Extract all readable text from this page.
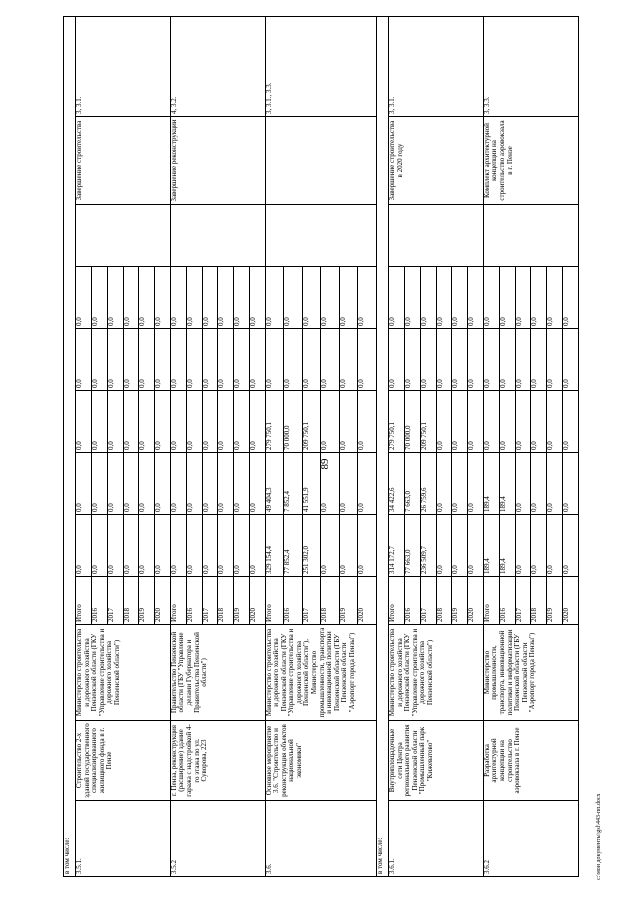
89
c:\мои документы\gsl\443-пп.docx
в том числе:											
3.5.1.	Строительство 2-х зданий государственного специализированного жилищного фонда в г. Пензе	Министерство строительства и дорожного хозяйства Пензенской области (ГКУ "Управление строительства и дорожного хозяйства Пензенской области")	Итого	0,0	0,0	0,0	0,0	0,0		Завершение строительства	3, 3.1.
			2016	0,0	0,0	0,0	0,0	0,0			
			2017	0,0	0,0	0,0	0,0	0,0			
			2018	0,0	0,0	0,0	0,0	0,0			
			2019	0,0	0,0	0,0	0,0	0,0			
			2020	0,0	0,0	0,0	0,0	0,0			
3.5.2	г. Пенза, реконструкция (расширение) здание гаража с надстройкой 4-го этажа по ул. Суворова, 223	Правительство Пензенской области (ГБУ "Управление делами Губернатора и Правительства Пензенской области")	Итого	0,0	0,0	0,0	0,0	0,0		Завершение реконструкции	4, 3.2.
			2016	0,0	0,0	0,0	0,0	0,0			
			2017	0,0	0,0	0,0	0,0	0,0			
			2018	0,0	0,0	0,0	0,0	0,0			
			2019	0,0	0,0	0,0	0,0	0,0			
			2020	0,0	0,0	0,0	0,0	0,0			
3.6.	Основное мероприятие 3.6. "Строительство и реконструкция объектов национальной экономики"	Министерство строительства и дорожного хозяйства Пензенской области (ГКУ "Управление строительства и дорожного хозяйства Пензенской области"), Министерство промышленности, транспорта и инновационной политики Пензенской области (ГБУ Пензенской области "Аэропорт города Пензы")	Итого	329 154,4	49 404,3	279 750,1	0,0	0,0			3, 3.1., 3.3.
			2016	77 852,4	7 852,4	70 000,0	0,0	0,0			
			2017	251 302,0	41 551,9	209 750,1	0,0	0,0			
			2018	0,0	0,0	0,0	0,0	0,0			
			2019	0,0	0,0	0,0	0,0	0,0			
			2020	0,0	0,0	0,0	0,0	0,0			
в том числе:											
3.6.1.	Внутриплощадочные сети Центра регионального развития Пензенской области "Промышленный парк "Кижеватово"	Министерство строительства и дорожного хозяйства Пензенской области (ГКУ "Управление строительства и дорожного хозяйства Пензенской области")	Итого	314 172,7	34 422,6	279 750,1	0,0	0,0		Завершение строительства в 2020 году	3, 3.1.
			2016	77 663,0	7 663,0	70 000,0	0,0	0,0			
			2017	236 509,7	26 759,6	209 750,1	0,0	0,0			
			2018	0,0	0,0	0,0	0,0	0,0			
			2019	0,0	0,0	0,0	0,0	0,0			
			2020	0,0	0,0	0,0	0,0	0,0			
3.6.2	Разработка архитектурной концепции на строительство аэровокзала в г. Пензе	Министерство промышленности, транспорта, инновационной политики и информатизации Пензенской области (ГБУ Пензенской области "Аэропорт города Пензы")	Итого	189,4	189,4	0,0	0,0	0,0		Комплект архитектурной концепции на строительство аэровокзала в г. Пензе	3, 3.3.
			2016	189,4	189,4	0,0	0,0	0,0			
			2017	0,0	0,0	0,0	0,0	0,0			
			2018	0,0	0,0	0,0	0,0	0,0			
			2019	0,0	0,0	0,0	0,0	0,0			
			2020	0,0	0,0	0,0	0,0	0,0			
